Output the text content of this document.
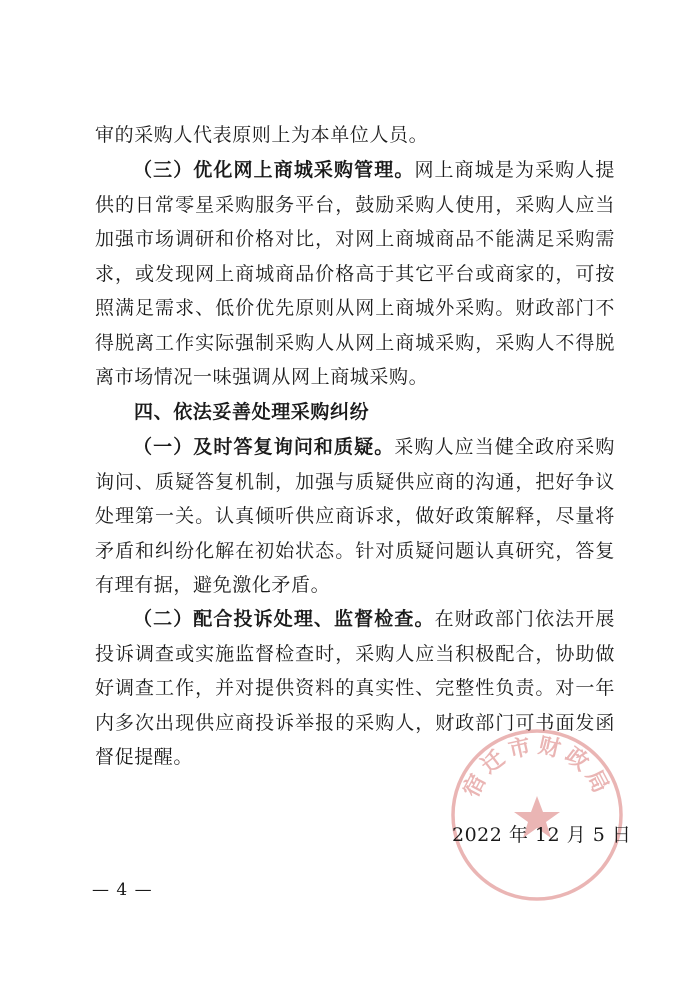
审的采购人代表原则上为本单位人员。

（三）优化网上商城采购管理。网上商城是为采购人提供的日常零星采购服务平台，鼓励采购人使用，采购人应当加强市场调研和价格对比，对网上商城商品不能满足采购需求，或发现网上商城商品价格高于其它平台或商家的，可按照满足需求、低价优先原则从网上商城外采购。财政部门不得脱离工作实际强制采购人从网上商城采购，采购人不得脱离市场情况一味强调从网上商城采购。

四、依法妥善处理采购纠纷

（一）及时答复询问和质疑。采购人应当健全政府采购询问、质疑答复机制，加强与质疑供应商的沟通，把好争议处理第一关。认真倾听供应商诉求，做好政策解释，尽量将矛盾和纠纷化解在初始状态。针对质疑问题认真研究，答复有理有据，避免激化矛盾。

（二）配合投诉处理、监督检查。在财政部门依法开展投诉调查或实施监督检查时，采购人应当积极配合，协助做好调查工作，并对提供资料的真实性、完整性负责。对一年内多次出现供应商投诉举报的采购人，财政部门可书面发函督促提醒。

宿迁市财政局
2022 年 12 月 5 日
— 4 —
